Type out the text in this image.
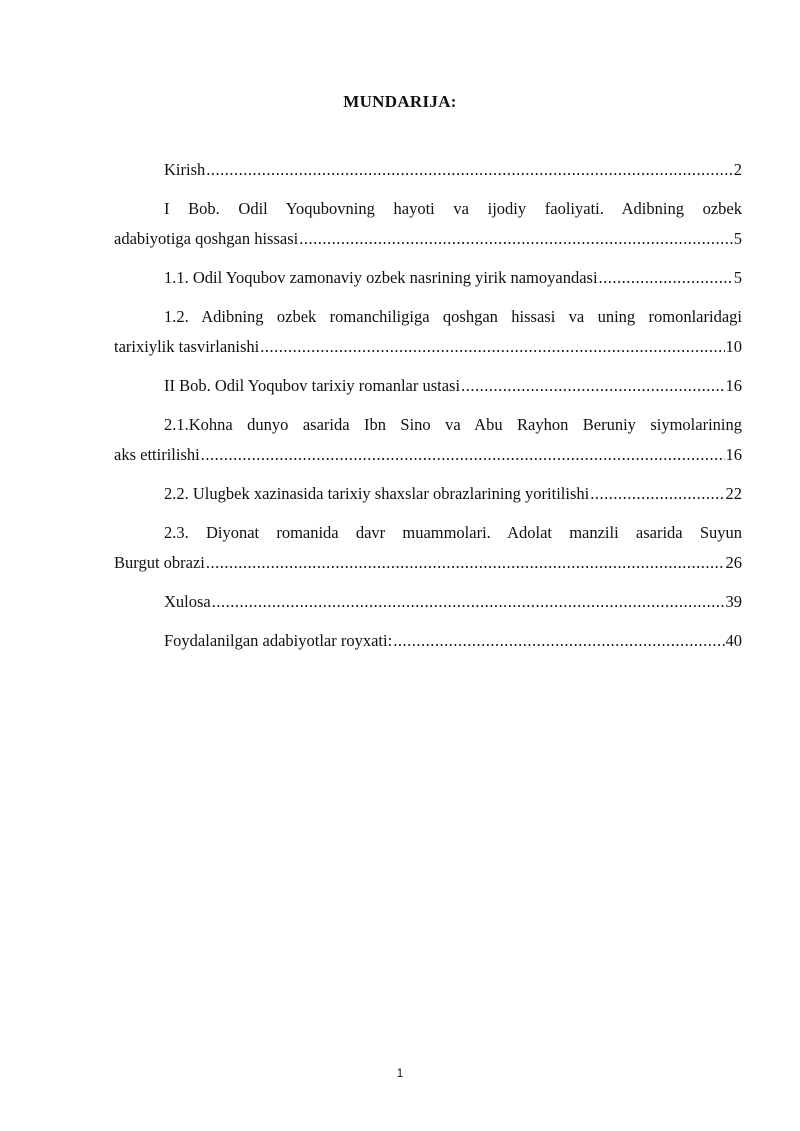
MUNDARIJA:
Kirish .....	2
I Bob. Odil Yoqubovning hayoti va ijodiy faoliyati. Adibning ozbek
adabiyotiga qoshgan hissasi .....	5
1.1. Odil Yoqubov zamonaviy ozbek nasrining yirik namoyandasi .....	5
1.2. Adibning ozbek romanchiligiga qoshgan hissasi va uning romonlaridagi
tarixiylik tasvirlanishi .....	10
II Bob. Odil Yoqubov tarixiy romanlar ustasi .....	16
2.1.Kohna dunyo asarida Ibn Sino va Abu Rayhon Beruniy siymolarining
aks ettirilishi .....	16
2.2. Ulugbek xazinasida tarixiy shaxslar obrazlarining yoritilishi .....	22
2.3. Diyonat romanida davr muammolari. Adolat manzili asarida Suyun
Burgut obrazi .....	26
Xulosa .....	39
Foydalanilgan adabiyotlar royxati: .....	40
1
